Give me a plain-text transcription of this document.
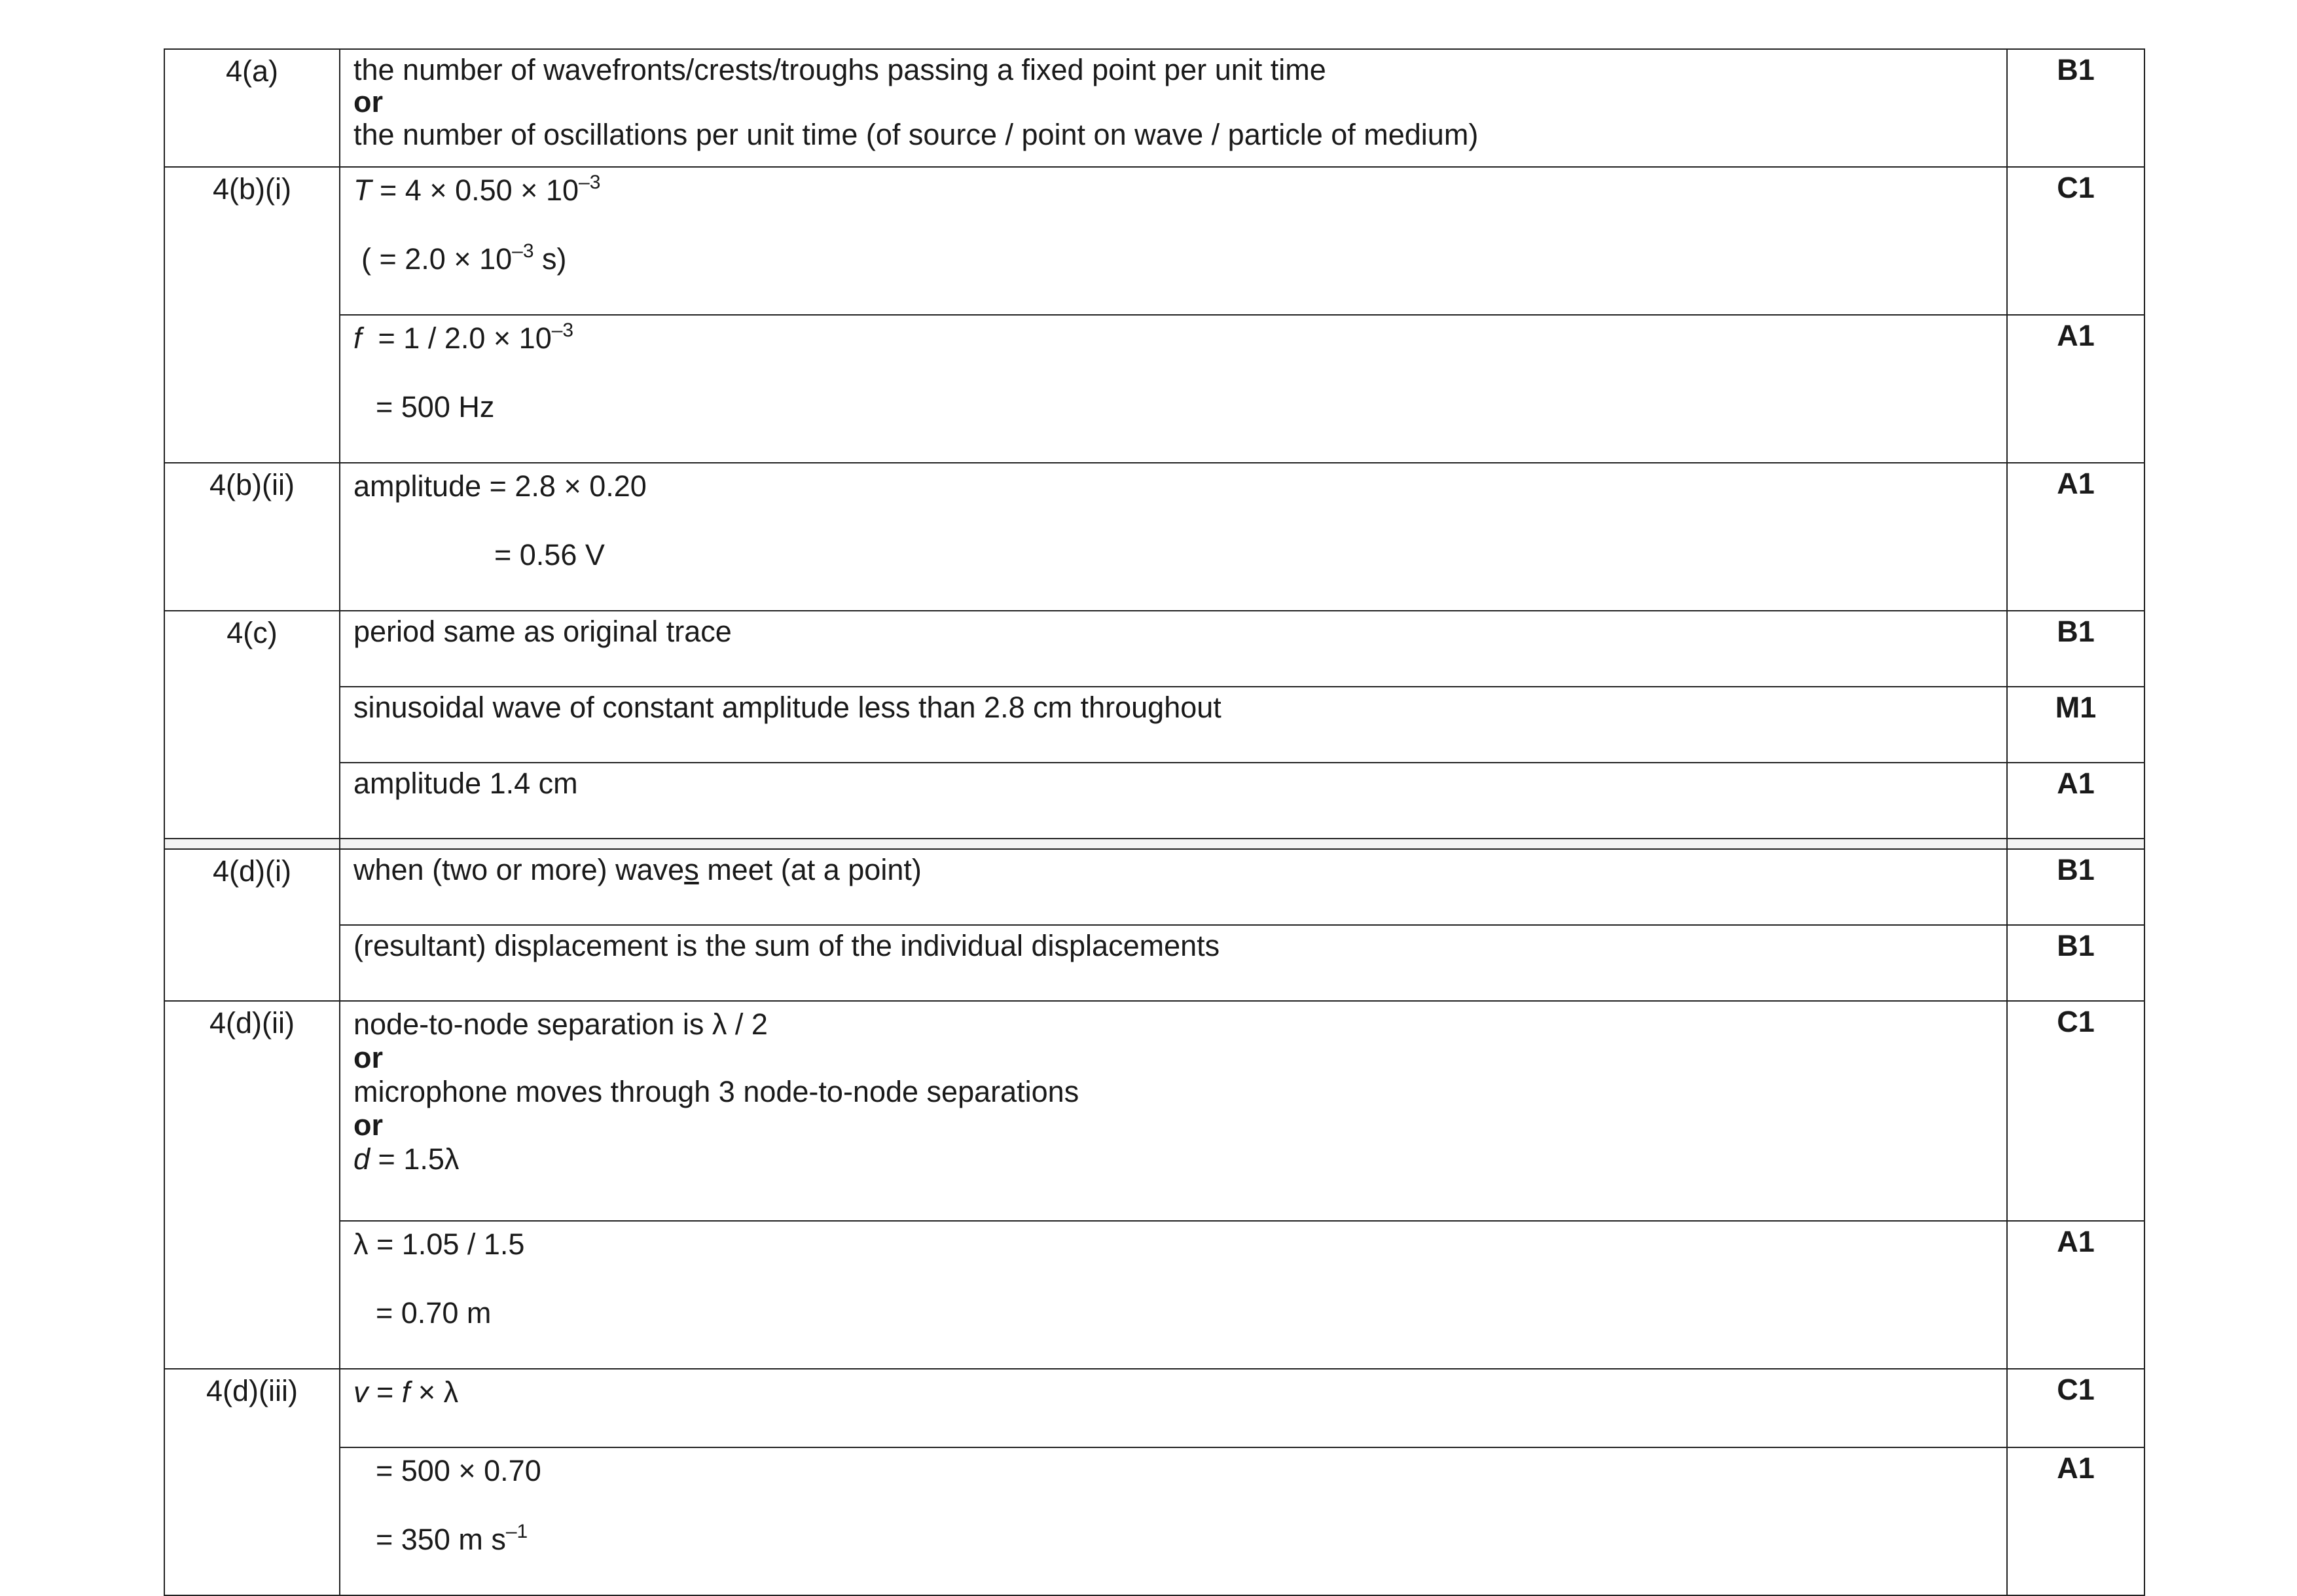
4(a)	the number of wavefronts/crests/troughs passing a fixed point per unit time
or
the number of oscillations per unit time (of source / point on wave / particle of medium)	B1
4(b)(i)	$T = 4 \times 0.50 \times 10^{-3}$
( = $2.0 \times 10^{-3}$ s)	C1

	$f = 1 / 2.0 \times 10^{-3}$
= 500 Hz	A1
4(b)(ii)	amplitude = 2.8 × 0.20
= 0.56 V	A1
4(c)	period same as original trace	B1

	sinusoidal wave of constant amplitude less than 2.8 cm throughout	M1

	amplitude 1.4 cm	A1

4(d)(i)	when (two or more) waves meet (at a point)	B1

	(resultant) displacement is the sum of the individual displacements	B1
4(d)(ii)	node-to-node separation is λ / 2
or
microphone moves through 3 node-to-node separations
or
d = 1.5λ	C1

	λ = 1.05 / 1.5
= 0.70 m	A1
4(d)(iii)	v = f × λ	C1

	= 500 × 0.70
= 350 m $s^{-1}$	A1
